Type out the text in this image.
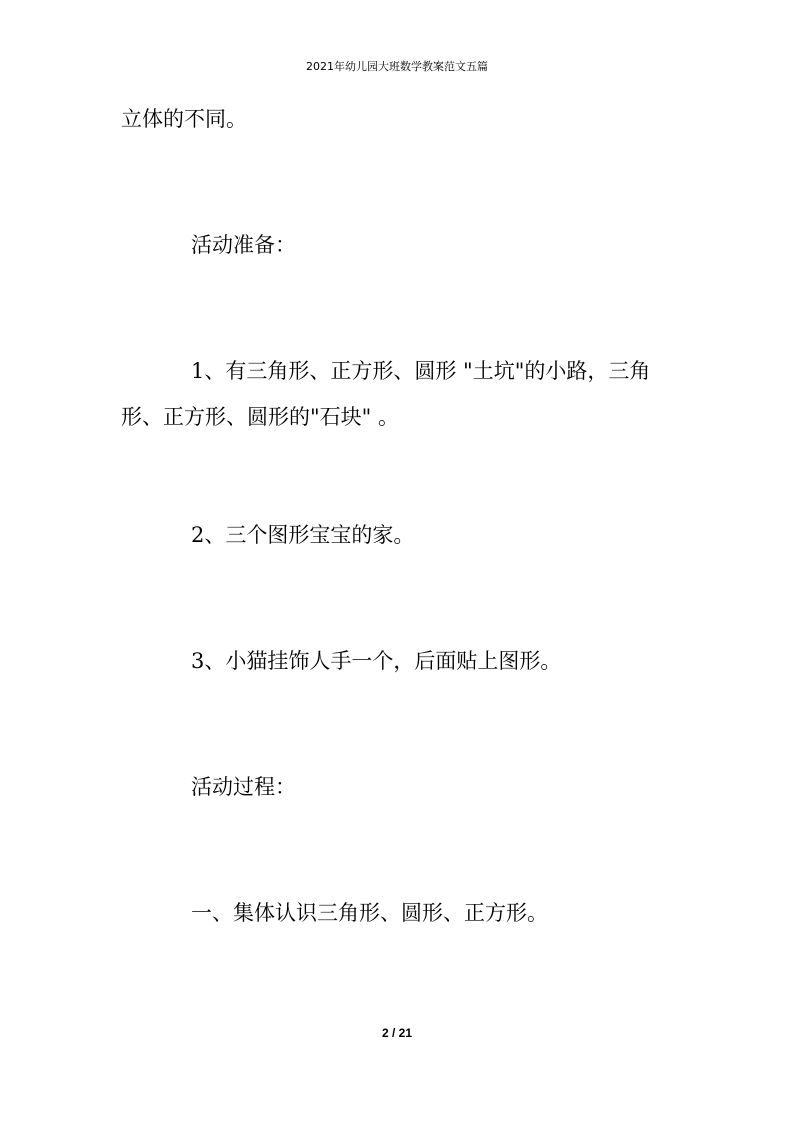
2021年幼儿园大班数学教案范文五篇
立体的不同。
活动准备：
1、有三角形、正方形、圆形 "土坑"的小路，三角形、正方形、圆形的"石块" 。
2、三个图形宝宝的家。
3、小猫挂饰人手一个，后面贴上图形。
活动过程：
一、集体认识三角形、圆形、正方形。
2 / 21
